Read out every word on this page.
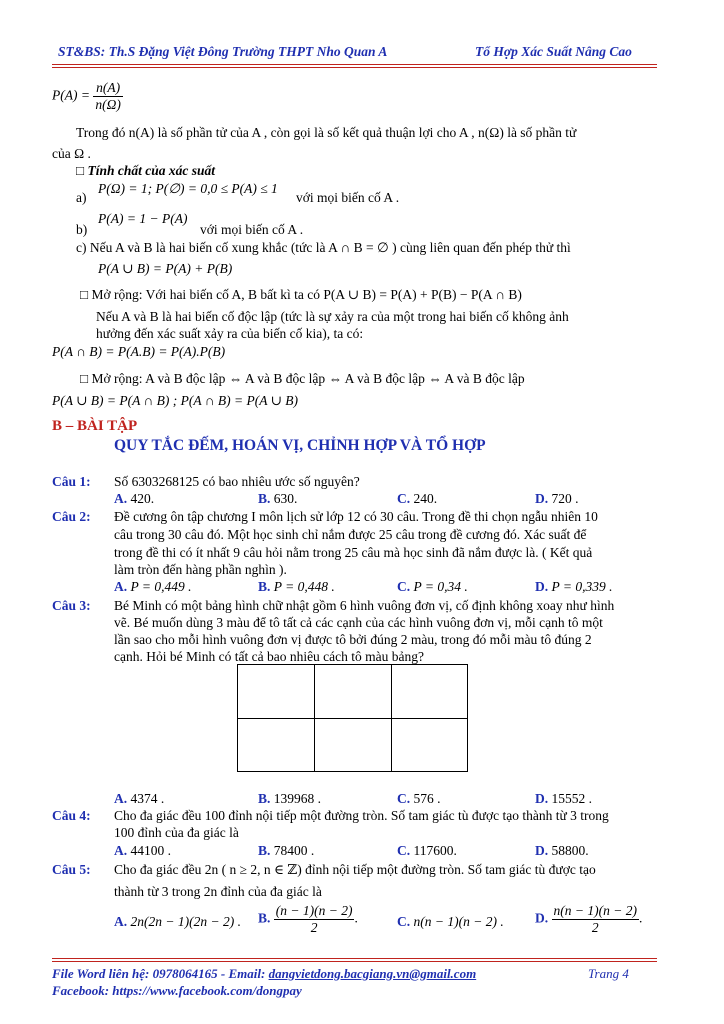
ST&BS: Th.S Đặng Việt Đông Trường THPT Nho Quan A	Tổ Hợp Xác Suất Nâng Cao
$P(A) = \frac{n(A)}{n(\Omega)}$
Trong đó n(A) là số phần tử của A , còn gọi là số kết quả thuận lợi cho A , n(Ω) là số phần tử
của Ω .
□ Tính chất của xác suất
a)
P(Ω) = 1; P(∅) = 0,0 ≤ P(A) ≤ 1
với mọi biến cố A .
b)
P(A) = 1 − P(A)
với mọi biến cố A .
c) Nếu A và B là hai biến cố xung khắc (tức là A ∩ B = ∅ ) cùng liên quan đến phép thử thì
P(A ∪ B) = P(A) + P(B)
□ Mở rộng: Với hai biến cố A, B bất kì ta có P(A ∪ B) = P(A) + P(B) − P(A ∩ B)
Nếu A và B là hai biến cố độc lập (tức là sự xảy ra của một trong hai biến cố không ảnh
hưởng đến xác suất xảy ra của biến cố kia), ta có:
P(A ∩ B) = P(A.B) = P(A).P(B)
□ Mở rộng: A và B độc lập ⇔ A và B độc lập ⇔ A và B độc lập ⇔ A và B độc lập
P(A ∪ B) = P(A ∩ B) ; P(A ∩ B) = P(A ∪ B)
B – BÀI TẬP
QUY TẮC ĐẾM, HOÁN VỊ, CHỈNH HỢP VÀ TỔ HỢP
Câu 1: Số 6303268125 có bao nhiêu ước số nguyên?
A. 420.	B. 630.	C. 240.	D. 720 .
Câu 2: Đề cương ôn tập chương I môn lịch sử lớp 12 có 30 câu. Trong đề thi chọn ngẫu nhiên 10
câu trong 30 câu đó. Một học sinh chỉ nắm được 25 câu trong đề cương đó. Xác suất để
trong đề thi có ít nhất 9 câu hỏi nằm trong 25 câu mà học sinh đã nắm được là. ( Kết quả
làm tròn đến hàng phần nghìn ).
A. P = 0,449 .	B. P = 0,448 .	C. P = 0,34 .	D. P = 0,339 .
Câu 3: Bé Minh có một bảng hình chữ nhật gồm 6 hình vuông đơn vị, cố định không xoay như hình
vẽ. Bé muốn dùng 3 màu để tô tất cả các cạnh của các hình vuông đơn vị, mỗi cạnh tô một
lần sao cho mỗi hình vuông đơn vị được tô bởi đúng 2 màu, trong đó mỗi màu tô đúng 2
cạnh. Hỏi bé Minh có tất cả bao nhiêu cách tô màu bảng?
A. 4374 .	B. 139968 .	C. 576 .	D. 15552 .
Câu 4: Cho đa giác đều 100 đỉnh nội tiếp một đường tròn. Số tam giác tù được tạo thành từ 3 trong
100 đỉnh của đa giác là
A. 44100 .	B. 78400 .	C. 117600.	D. 58800.
Câu 5: Cho đa giác đều 2n ( n ≥ 2, n ∈ ℤ) đỉnh nội tiếp một đường tròn. Số tam giác tù được tạo
thành từ 3 trong 2n đỉnh của đa giác là
A. 2n(2n − 1)(2n − 2) . B. $\frac{(n - 1)(n - 2)}{2}$ .	C. n(n − 1)(n − 2) . D. $\frac{n(n - 1)(n - 2)}{2}$ .
File Word liên hệ: 0978064165 - Email: dangvietdong.bacgiang.vn@gmail.com	Trang 4
Facebook: https://www.facebook.com/dongpay
